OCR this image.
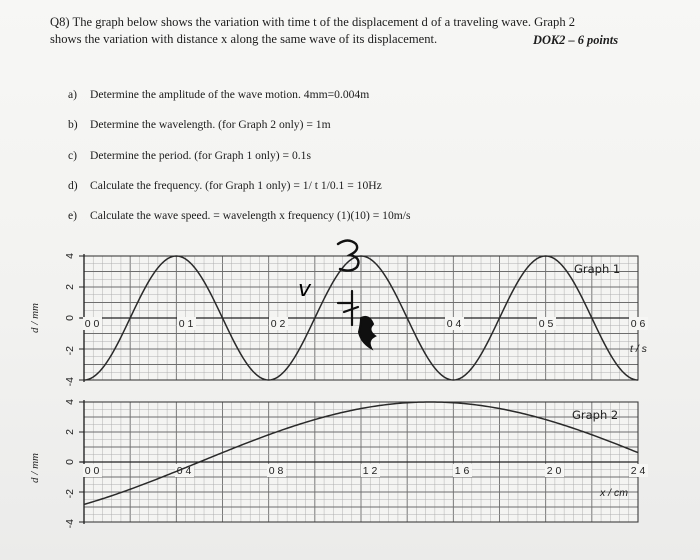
Q8) The graph below shows the variation with time t of the displacement d of a traveling wave. Graph 2
shows the variation with distance x along the same wave of its displacement.	DOK2 – 6 points
a) Determine the amplitude of the wave motion. 4mm=0.004m
b) Determine the wavelength. (for Graph 2 only) = 1m
c) Determine the period. (for Graph 1 only) = 0.1s
d) Calculate the frequency. (for Graph 1 only) = 1/ t 1/0.1 = 10Hz
e) Calculate the wave speed. = wavelength x frequency (1)(10) = 10m/s
d / mm
d / mm
4
2
0
-2
-4
0 0	0 1	0 2	0 4	0 5	0 6
t / s
Graph 1
4
2
0
-2
-4
0 0	0 4	0 8	1 2	1 6	2 0	2 4
x / cm
Graph 2
v
